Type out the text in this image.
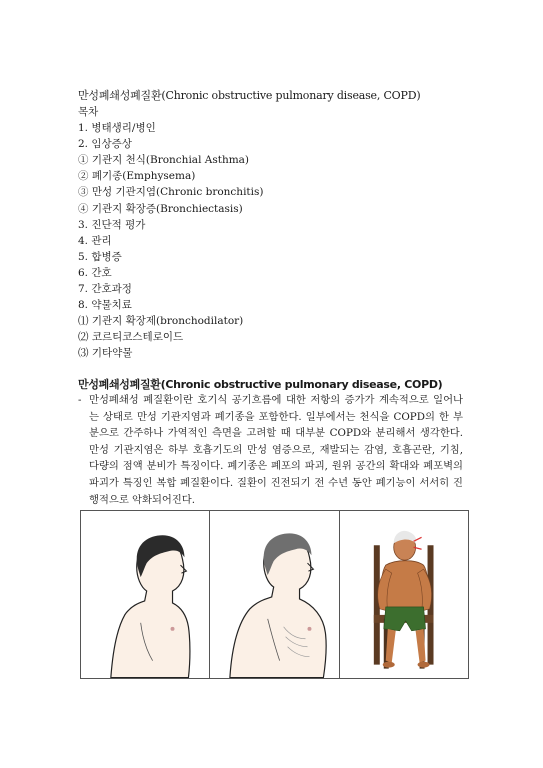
만성폐쇄성폐질환(Chronic obstructive pulmonary disease, COPD)
목차
1. 병태생리/병인
2. 임상증상
① 기관지 천식(Bronchial Asthma)
② 폐기종(Emphysema)
③ 만성 기관지염(Chronic bronchitis)
④ 기관지 확장증(Bronchiectasis)
3. 진단적 평가
4. 관리
5. 합병증
6. 간호
7. 간호과정
8. 약물치료
⑴ 기관지 확장제(bronchodilator)
⑵ 코르티코스테로이드
⑶ 기타약물
만성폐쇄성폐질환(Chronic obstructive pulmonary disease, COPD)
- 만성폐쇄성 폐질환이란 호기식 공기흐름에 대한 저항의 증가가 계속적으로 일어나는 상태로 만성 기관지염과 폐기종을 포함한다. 일부에서는 천식을 COPD의 한 부분으로 간주하나 가역적인 측면을 고려할 때 대부분 COPD와 분리해서 생각한다. 만성 기관지염은 하부 호흡기도의 만성 염증으로, 재발되는 감염, 호흡곤란, 기침, 다량의 점액 분비가 특징이다. 폐기종은 폐포의 파괴, 원위 공간의 확대와 폐포벽의 파괴가 특징인 복합 폐질환이다. 질환이 진전되기 전 수년 동안 폐기능이 서서히 진행적으로 악화되어진다.
